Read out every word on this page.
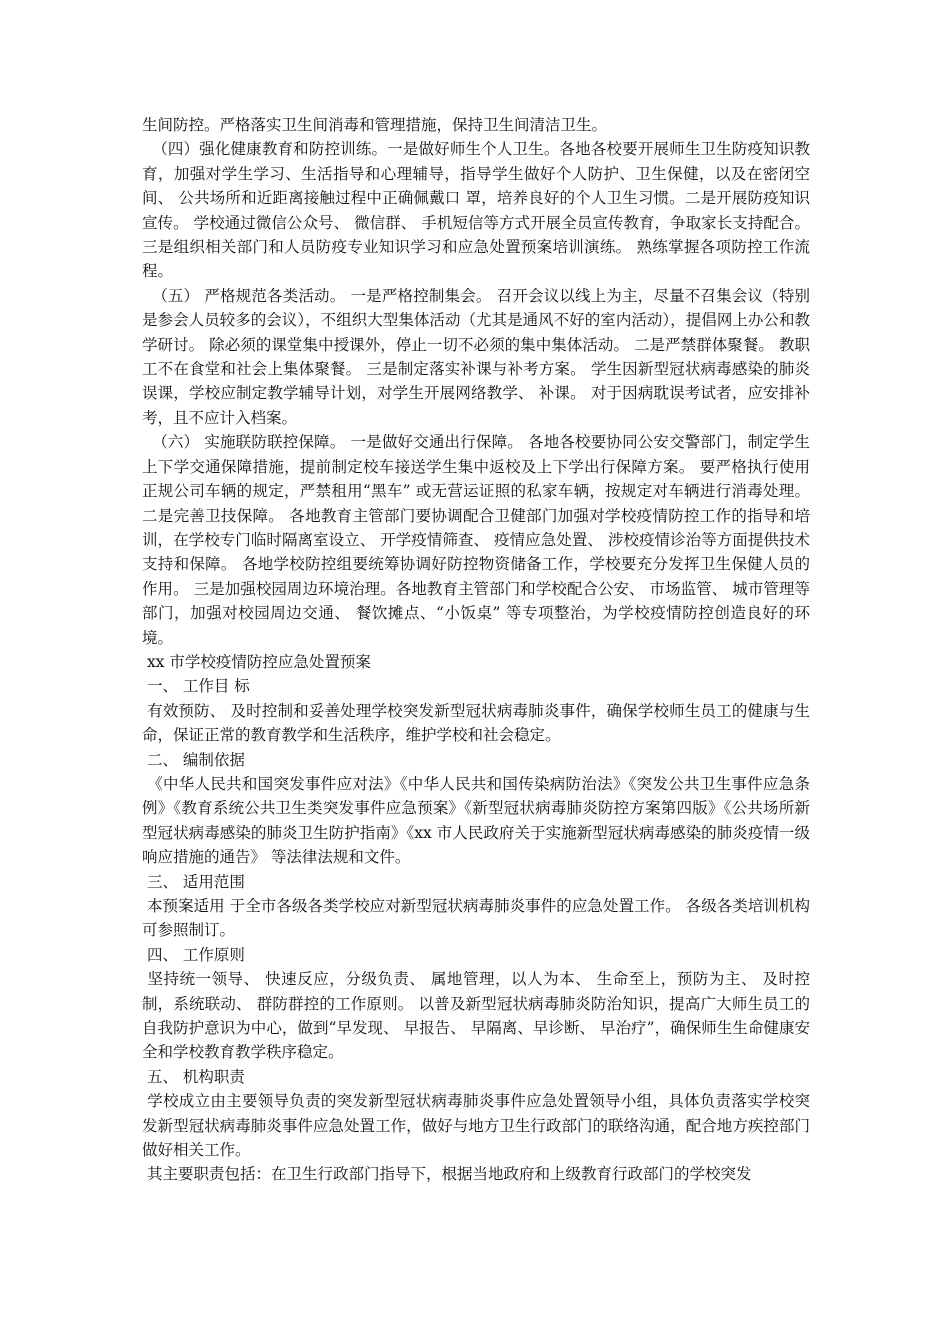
生间防控。严格落实卫生间消毒和管理措施，保持卫生间清洁卫生。

（四）强化健康教育和防控训练。一是做好师生个人卫生。各地各校要开展师生卫生防疫知识教育，加强对学生学习、生活指导和心理辅导，指导学生做好个人防护、卫生保健，以及在密闭空间、 公共场所和近距离接触过程中正确佩戴口 罩，培养良好的个人卫生习惯。二是开展防疫知识宣传。 学校通过微信公众号、 微信群、 手机短信等方式开展全员宣传教育，争取家长支持配合。 三是组织相关部门和人员防疫专业知识学习和应急处置预案培训演练。 熟练掌握各项防控工作流程。

（五） 严格规范各类活动。 一是严格控制集会。 召开会议以线上为主，尽量不召集会议（特别是参会人员较多的会议），不组织大型集体活动（尤其是通风不好的室内活动），提倡网上办公和教学研讨。 除必须的课堂集中授课外，停止一切不必须的集中集体活动。 二是严禁群体聚餐。 教职工不在食堂和社会上集体聚餐。 三是制定落实补课与补考方案。 学生因新型冠状病毒感染的肺炎误课，学校应制定教学辅导计划，对学生开展网络教学、 补课。 对于因病耽误考试者，应安排补考，且不应计入档案。

（六） 实施联防联控保障。 一是做好交通出行保障。 各地各校要协同公安交警部门，制定学生上下学交通保障措施，提前制定校车接送学生集中返校及上下学出行保障方案。 要严格执行使用正规公司车辆的规定，严禁租用“黑车” 或无营运证照的私家车辆，按规定对车辆进行消毒处理。 二是完善卫技保障。 各地教育主管部门要协调配合卫健部门加强对学校疫情防控工作的指导和培训，在学校专门临时隔离室设立、 开学疫情筛查、 疫情应急处置、 涉校疫情诊治等方面提供技术支持和保障。 各地学校防控组要统筹协调好防控物资储备工作，学校要充分发挥卫生保健人员的作用。 三是加强校园周边环境治理。各地教育主管部门和学校配合公安、 市场监管、 城市管理等部门，加强对校园周边交通、 餐饮摊点、“小饭桌” 等专项整治，为学校疫情防控创造良好的环境。

xx 市学校疫情防控应急处置预案

一、 工作目 标

有效预防、 及时控制和妥善处理学校突发新型冠状病毒肺炎事件，确保学校师生员工的健康与生命，保证正常的教育教学和生活秩序，维护学校和社会稳定。

二、 编制依据

《中华人民共和国突发事件应对法》《中华人民共和国传染病防治法》《突发公共卫生事件应急条例》《教育系统公共卫生类突发事件应急预案》《新型冠状病毒肺炎防控方案第四版》《公共场所新型冠状病毒感染的肺炎卫生防护指南》《xx 市人民政府关于实施新型冠状病毒感染的肺炎疫情一级响应措施的通告》 等法律法规和文件。

三、 适用范围

本预案适用 于全市各级各类学校应对新型冠状病毒肺炎事件的应急处置工作。 各级各类培训机构可参照制订。

四、 工作原则

坚持统一领导、 快速反应，分级负责、 属地管理，以人为本、 生命至上，预防为主、 及时控制，系统联动、 群防群控的工作原则。 以普及新型冠状病毒肺炎防治知识，提高广大师生员工的自我防护意识为中心，做到“早发现、 早报告、 早隔离、早诊断、 早治疗”，确保师生生命健康安全和学校教育教学秩序稳定。

五、 机构职责

学校成立由主要领导负责的突发新型冠状病毒肺炎事件应急处置领导小组，具体负责落实学校突发新型冠状病毒肺炎事件应急处置工作，做好与地方卫生行政部门的联络沟通，配合地方疾控部门做好相关工作。

其主要职责包括：在卫生行政部门指导下，根据当地政府和上级教育行政部门的学校突发
